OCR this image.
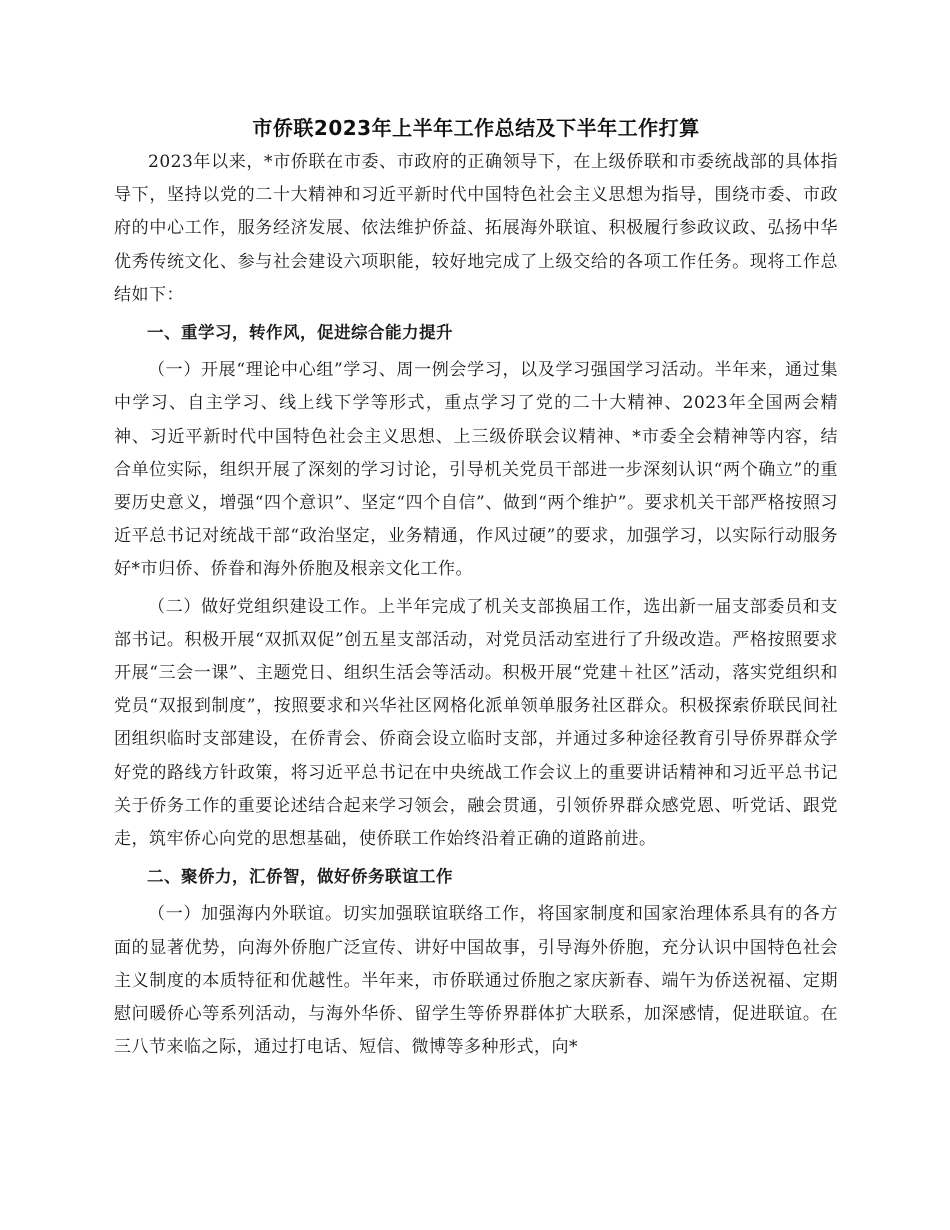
市侨联2023年上半年工作总结及下半年工作打算

2023年以来，*市侨联在市委、市政府的正确领导下，在上级侨联和市委统战部的具体指导下，坚持以党的二十大精神和习近平新时代中国特色社会主义思想为指导，围绕市委、市政府的中心工作，服务经济发展、依法维护侨益、拓展海外联谊、积极履行参政议政、弘扬中华优秀传统文化、参与社会建设六项职能，较好地完成了上级交给的各项工作任务。现将工作总结如下：

一、重学习，转作风，促进综合能力提升

（一）开展“理论中心组”学习、周一例会学习，以及学习强国学习活动。半年来，通过集中学习、自主学习、线上线下学等形式，重点学习了党的二十大精神、2023年全国两会精神、习近平新时代中国特色社会主义思想、上三级侨联会议精神、*市委全会精神等内容，结合单位实际，组织开展了深刻的学习讨论，引导机关党员干部进一步深刻认识“两个确立”的重要历史意义，增强“四个意识”、坚定“四个自信”、做到“两个维护”。要求机关干部严格按照习近平总书记对统战干部“政治坚定，业务精通，作风过硬”的要求，加强学习，以实际行动服务好*市归侨、侨眷和海外侨胞及根亲文化工作。

（二）做好党组织建设工作。上半年完成了机关支部换届工作，选出新一届支部委员和支部书记。积极开展“双抓双促”创五星支部活动，对党员活动室进行了升级改造。严格按照要求开展“三会一课”、主题党日、组织生活会等活动。积极开展“党建＋社区”活动，落实党组织和党员“双报到制度”，按照要求和兴华社区网格化派单领单服务社区群众。积极探索侨联民间社团组织临时支部建设，在侨青会、侨商会设立临时支部，并通过多种途径教育引导侨界群众学好党的路线方针政策，将习近平总书记在中央统战工作会议上的重要讲话精神和习近平总书记关于侨务工作的重要论述结合起来学习领会，融会贯通，引领侨界群众感党恩、听党话、跟党走，筑牢侨心向党的思想基础，使侨联工作始终沿着正确的道路前进。

二、聚侨力，汇侨智，做好侨务联谊工作

（一）加强海内外联谊。切实加强联谊联络工作，将国家制度和国家治理体系具有的各方面的显著优势，向海外侨胞广泛宣传、讲好中国故事，引导海外侨胞，充分认识中国特色社会主义制度的本质特征和优越性。半年来，市侨联通过侨胞之家庆新春、端午为侨送祝福、定期慰问暖侨心等系列活动，与海外华侨、留学生等侨界群体扩大联系，加深感情，促进联谊。在三八节来临之际，通过打电话、短信、微博等多种形式，向*
